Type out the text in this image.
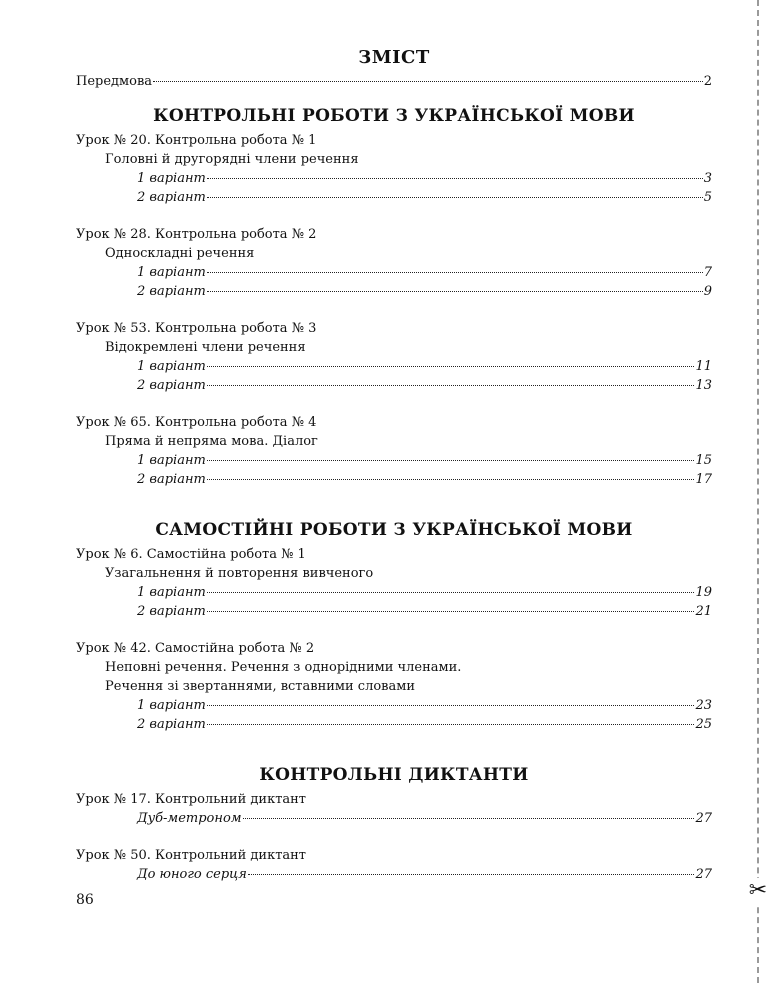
✂
ЗМІСТ
Передмова	2
КОНТРОЛЬНІ РОБОТИ З УКРАЇНСЬКОЇ МОВИ
Урок № 20. Контрольна робота № 1
Головні й другорядні члени речення
1 варіант	3
2 варіант	5
Урок № 28. Контрольна робота № 2
Односкладні речення
1 варіант	7
2 варіант	9
Урок № 53. Контрольна робота № 3
Відокремлені члени речення
1 варіант	11
2 варіант	13
Урок № 65. Контрольна робота № 4
Пряма й непряма мова. Діалог
1 варіант	15
2 варіант	17
САМОСТІЙНІ РОБОТИ З УКРАЇНСЬКОЇ МОВИ
Урок № 6. Самостійна робота № 1
Узагальнення й повторення вивченого
1 варіант	19
2 варіант	21
Урок № 42. Самостійна робота № 2
Неповні речення. Речення з однорідними членами.
Речення зі звертаннями, вставними словами
1 варіант	23
2 варіант	25
КОНТРОЛЬНІ ДИКТАНТИ
Урок № 17. Контрольний диктант
Дуб-метроном	27
Урок № 50. Контрольний диктант
До юного серця	27
86
